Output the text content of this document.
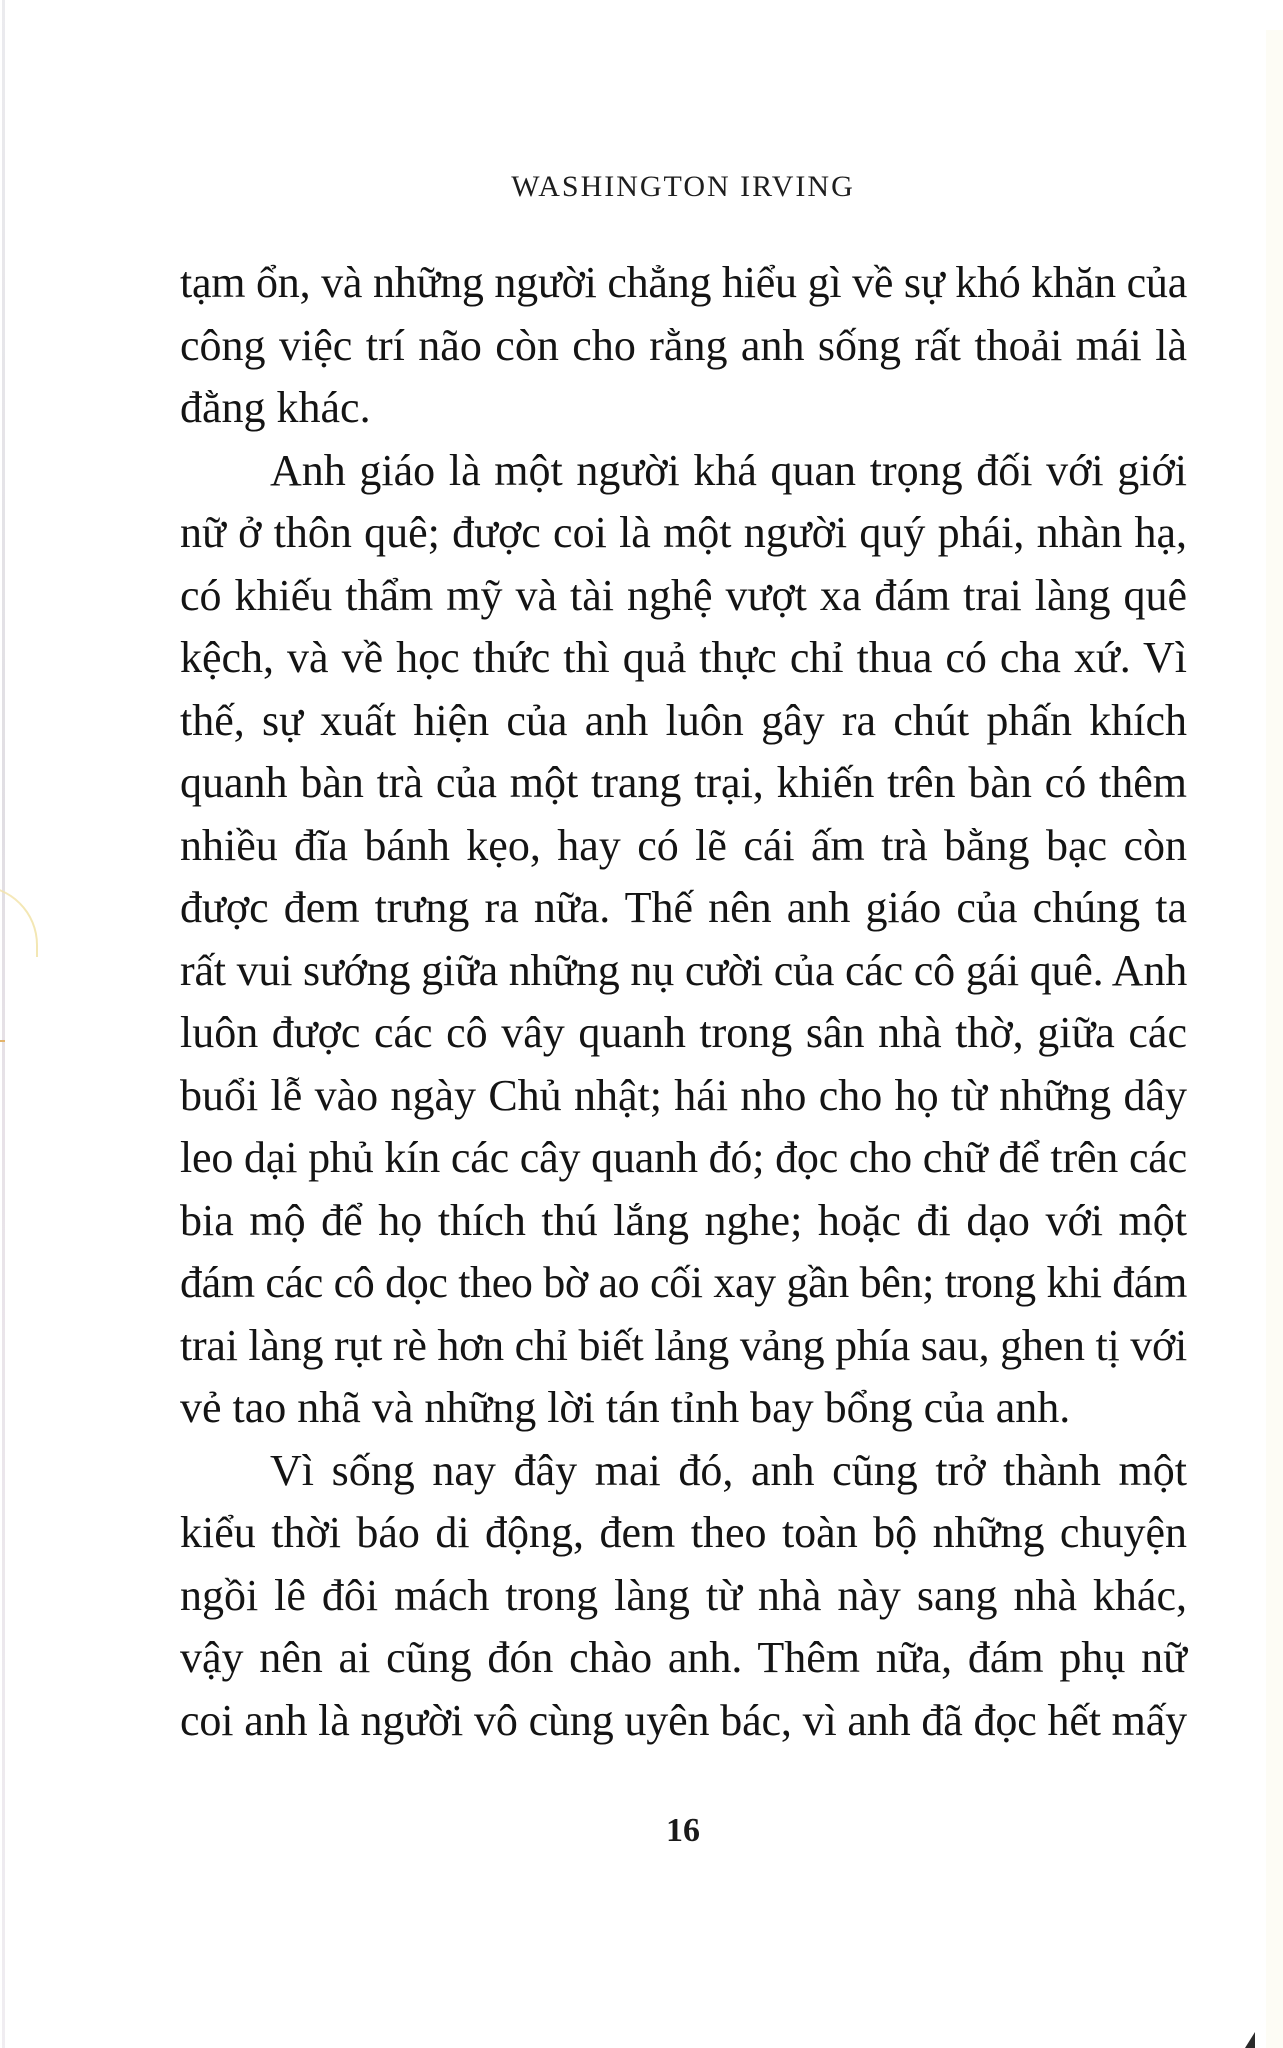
WASHINGTON IRVING
tạm ổn, và những người chẳng hiểu gì về sự khó khăn của
công việc trí não còn cho rằng anh sống rất thoải mái là
đằng khác.
Anh giáo là một người khá quan trọng đối với giới
nữ ở thôn quê; được coi là một người quý phái, nhàn hạ,
có khiếu thẩm mỹ và tài nghệ vượt xa đám trai làng quê
kệch, và về học thức thì quả thực chỉ thua có cha xứ. Vì
thế, sự xuất hiện của anh luôn gây ra chút phấn khích
quanh bàn trà của một trang trại, khiến trên bàn có thêm
nhiều đĩa bánh kẹo, hay có lẽ cái ấm trà bằng bạc còn
được đem trưng ra nữa. Thế nên anh giáo của chúng ta
rất vui sướng giữa những nụ cười của các cô gái quê. Anh
luôn được các cô vây quanh trong sân nhà thờ, giữa các
buổi lễ vào ngày Chủ nhật; hái nho cho họ từ những dây
leo dại phủ kín các cây quanh đó; đọc cho chữ để trên các
bia mộ để họ thích thú lắng nghe; hoặc đi dạo với một
đám các cô dọc theo bờ ao cối xay gần bên; trong khi đám
trai làng rụt rè hơn chỉ biết lảng vảng phía sau, ghen tị với
vẻ tao nhã và những lời tán tỉnh bay bổng của anh.
Vì sống nay đây mai đó, anh cũng trở thành một
kiểu thời báo di động, đem theo toàn bộ những chuyện
ngồi lê đôi mách trong làng từ nhà này sang nhà khác,
vậy nên ai cũng đón chào anh. Thêm nữa, đám phụ nữ
coi anh là người vô cùng uyên bác, vì anh đã đọc hết mấy
16
